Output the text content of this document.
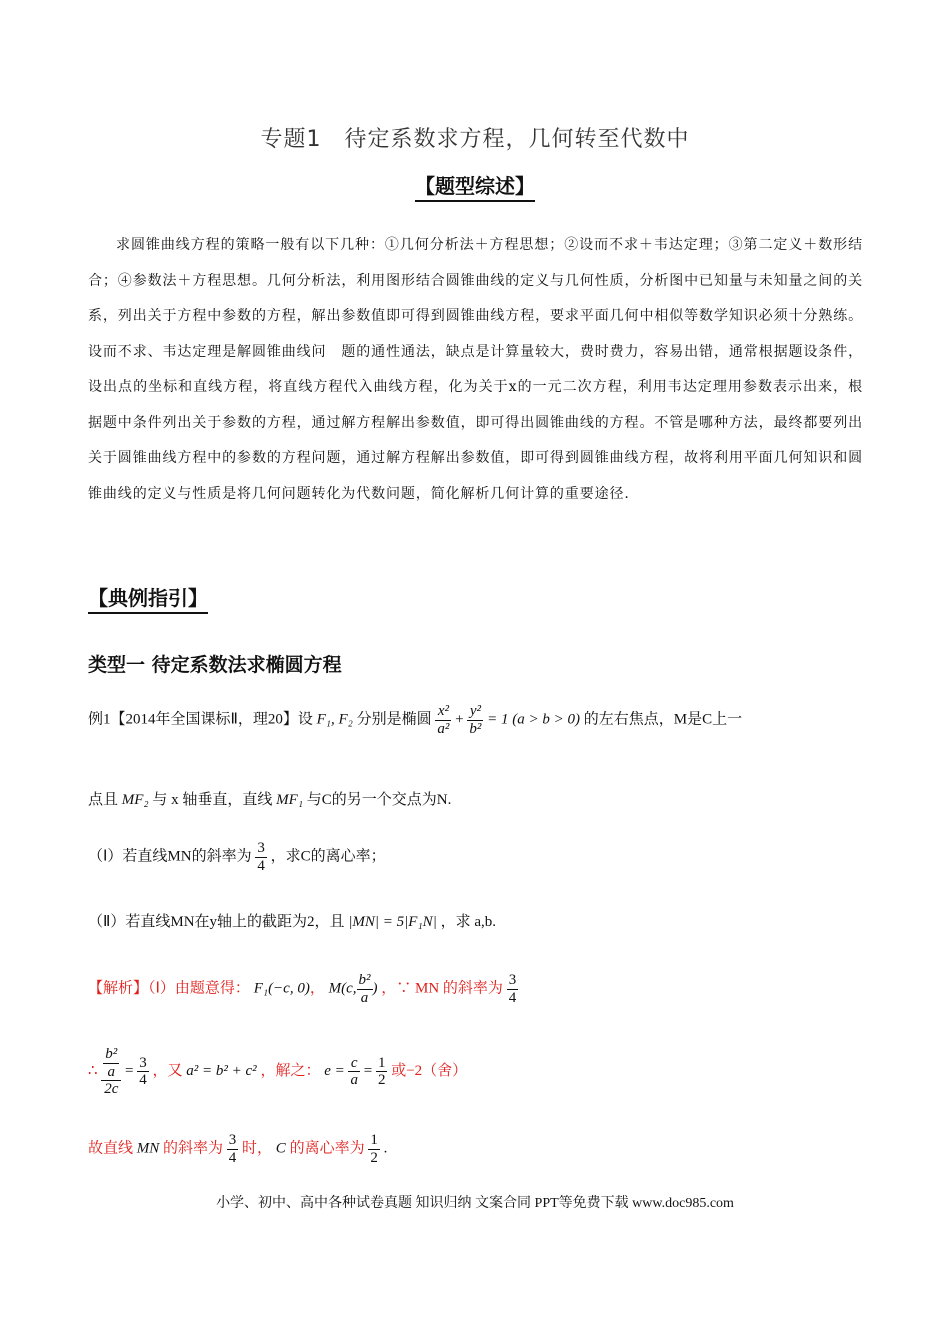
专题1　待定系数求方程，几何转至代数中
【题型综述】
求圆锥曲线方程的策略一般有以下几种：①几何分析法＋方程思想；②设而不求＋韦达定理；③第二定义＋数形结合；④参数法＋方程思想。几何分析法，利用图形结合圆锥曲线的定义与几何性质，分析图中已知量与未知量之间的关系，列出关于方程中参数的方程，解出参数值即可得到圆锥曲线方程，要求平面几何中相似等数学知识必须十分熟练。设而不求、韦达定理是解圆锥曲线问　题的通性通法，缺点是计算量较大，费时费力，容易出错，通常根据题设条件，设出点的坐标和直线方程，将直线方程代入曲线方程，化为关于x的一元二次方程，利用韦达定理用参数表示出来，根据题中条件列出关于参数的方程，通过解方程解出参数值，即可得出圆锥曲线的方程。不管是哪种方法，最终都要列出关于圆锥曲线方程中的参数的方程问题，通过解方程解出参数值，即可得到圆锥曲线方程，故将利用平面几何知识和圆锥曲线的定义与性质是将几何问题转化为代数问题，简化解析几何计算的重要途径.
【典例指引】
类型一 待定系数法求椭圆方程
例1【2014年全国课标Ⅱ，理20】设 F₁, F₂ 分别是椭圆 $\frac{\text{x²}}{\text{a²}} + \frac{\text{y²}}{\text{b²}} = 1$ (a > b > 0) 的左右焦点，M是C上一
点且 MF₂ 与 x 轴垂直，直线 MF₁ 与C的另一个交点为N.
（Ⅰ）若直线MN的斜率为 $\frac{3}{4}$ ，求C的离心率；
（Ⅱ）若直线MN在y轴上的截距为2，且 |MN| = 5|F₁N| ，求 a,b.
【解析】（Ⅰ）由题意得： F₁(−c, 0)， M(c, $\frac{\text{b²}}{a}$ ) ，∵ MN 的斜率为 $\frac{3}{4}$
∴ $\frac{\frac{\text{b²}}{a}}{2c} = \frac{3}{4}$ ，又 a² = b² + c² ，解之： $e = \frac{c}{a} = \frac{1}{2}$ 或−2（舍）
故直线 MN 的斜率为 $\frac{3}{4}$ 时， C 的离心率为 $\frac{1}{2}$ .
小学、初中、高中各种试卷真题 知识归纳 文案合同 PPT等免费下载 www.doc985.com
